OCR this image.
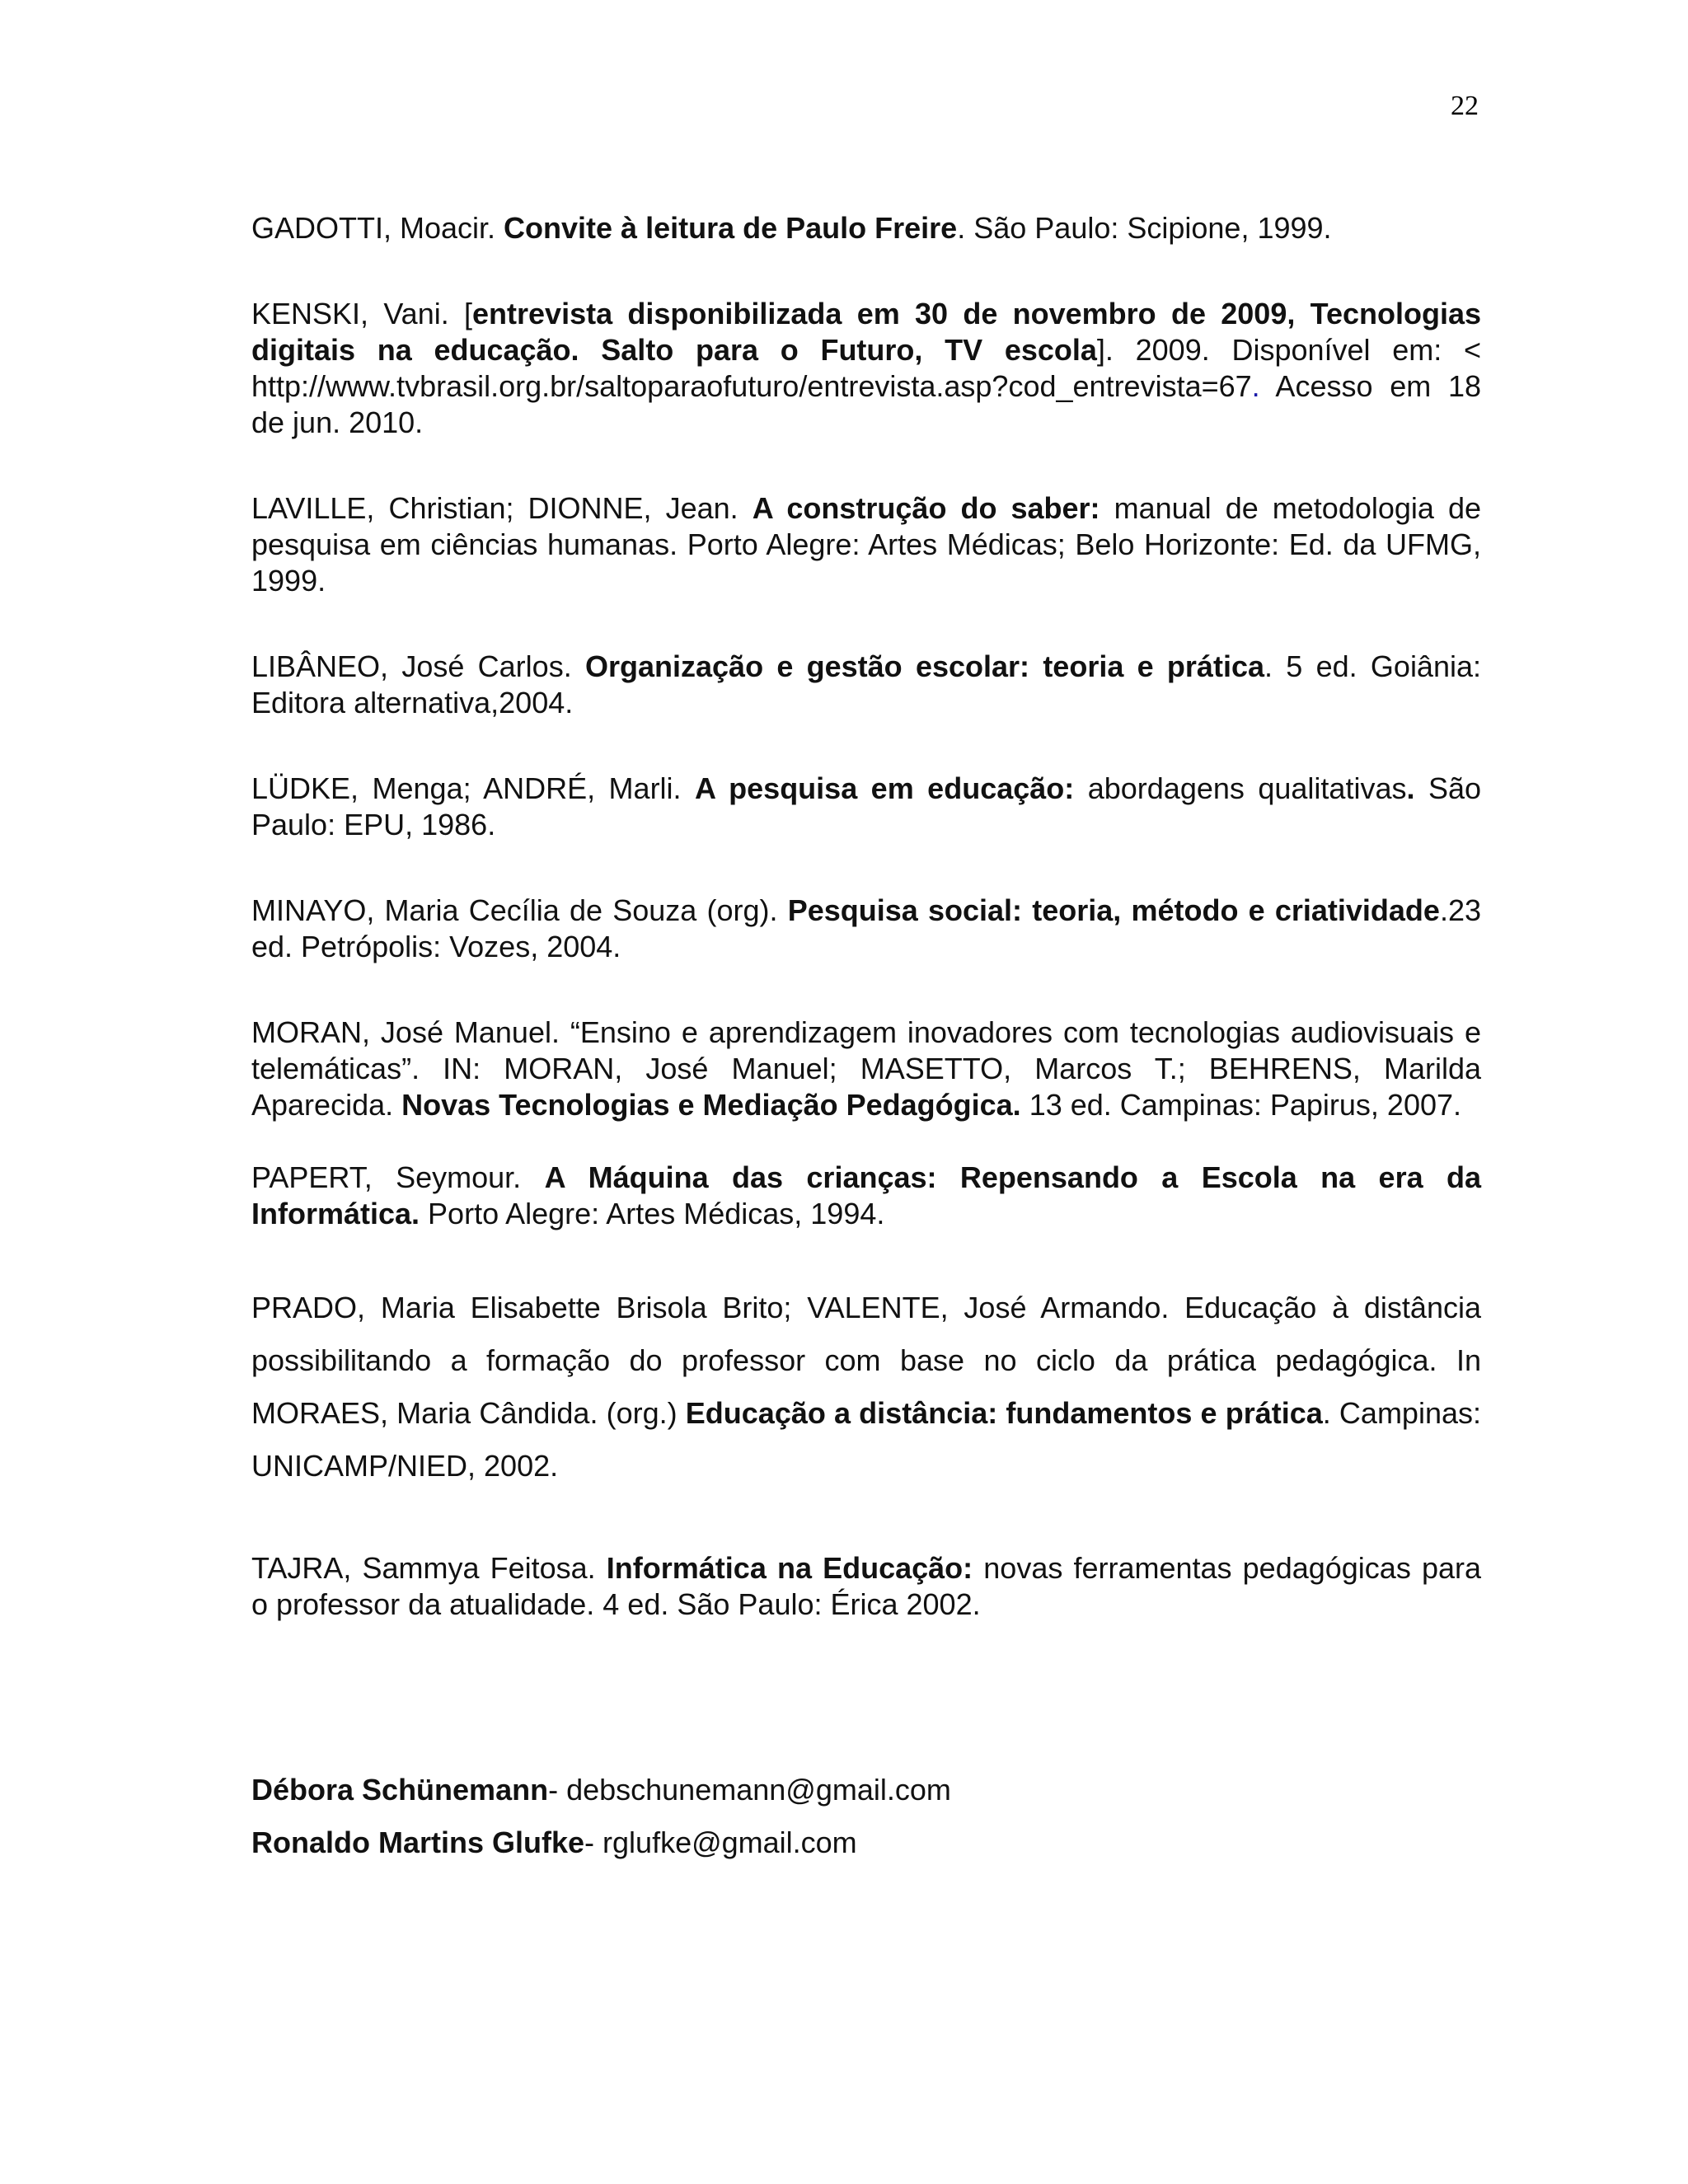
22

GADOTTI, Moacir. Convite à leitura de Paulo Freire. São Paulo: Scipione, 1999.

KENSKI, Vani. [entrevista disponibilizada em 30 de novembro de 2009, Tecnologias digitais na educação. Salto para o Futuro, TV escola]. 2009. Disponível em: < http://www.tvbrasil.org.br/saltoparaofuturo/entrevista.asp?cod_entrevista=67. Acesso em 18 de jun. 2010.

LAVILLE, Christian; DIONNE, Jean. A construção do saber: manual de metodologia de pesquisa em ciências humanas. Porto Alegre: Artes Médicas; Belo Horizonte: Ed. da UFMG, 1999.

LIBÂNEO, José Carlos. Organização e gestão escolar: teoria e prática. 5 ed. Goiânia: Editora alternativa,2004.

LÜDKE, Menga; ANDRÉ, Marli. A pesquisa em educação: abordagens qualitativas. São Paulo: EPU, 1986.

MINAYO, Maria Cecília de Souza (org). Pesquisa social: teoria, método e criatividade.23 ed. Petrópolis: Vozes, 2004.

MORAN, José Manuel. “Ensino e aprendizagem inovadores com tecnologias audiovisuais e telemáticas”. IN: MORAN, José Manuel; MASETTO, Marcos T.; BEHRENS, Marilda Aparecida. Novas Tecnologias e Mediação Pedagógica. 13 ed. Campinas: Papirus, 2007.

PAPERT, Seymour. A Máquina das crianças: Repensando a Escola na era da Informática. Porto Alegre: Artes Médicas, 1994.

PRADO, Maria Elisabette Brisola Brito; VALENTE, José Armando. Educação à distância possibilitando a formação do professor com base no ciclo da prática pedagógica. In MORAES, Maria Cândida. (org.) Educação a distância: fundamentos e prática. Campinas: UNICAMP/NIED, 2002.

TAJRA, Sammya Feitosa. Informática na Educação: novas ferramentas pedagógicas para o professor da atualidade. 4 ed. São Paulo: Érica 2002.

Débora Schünemann- debschunemann@gmail.com

Ronaldo Martins Glufke- rglufke@gmail.com
